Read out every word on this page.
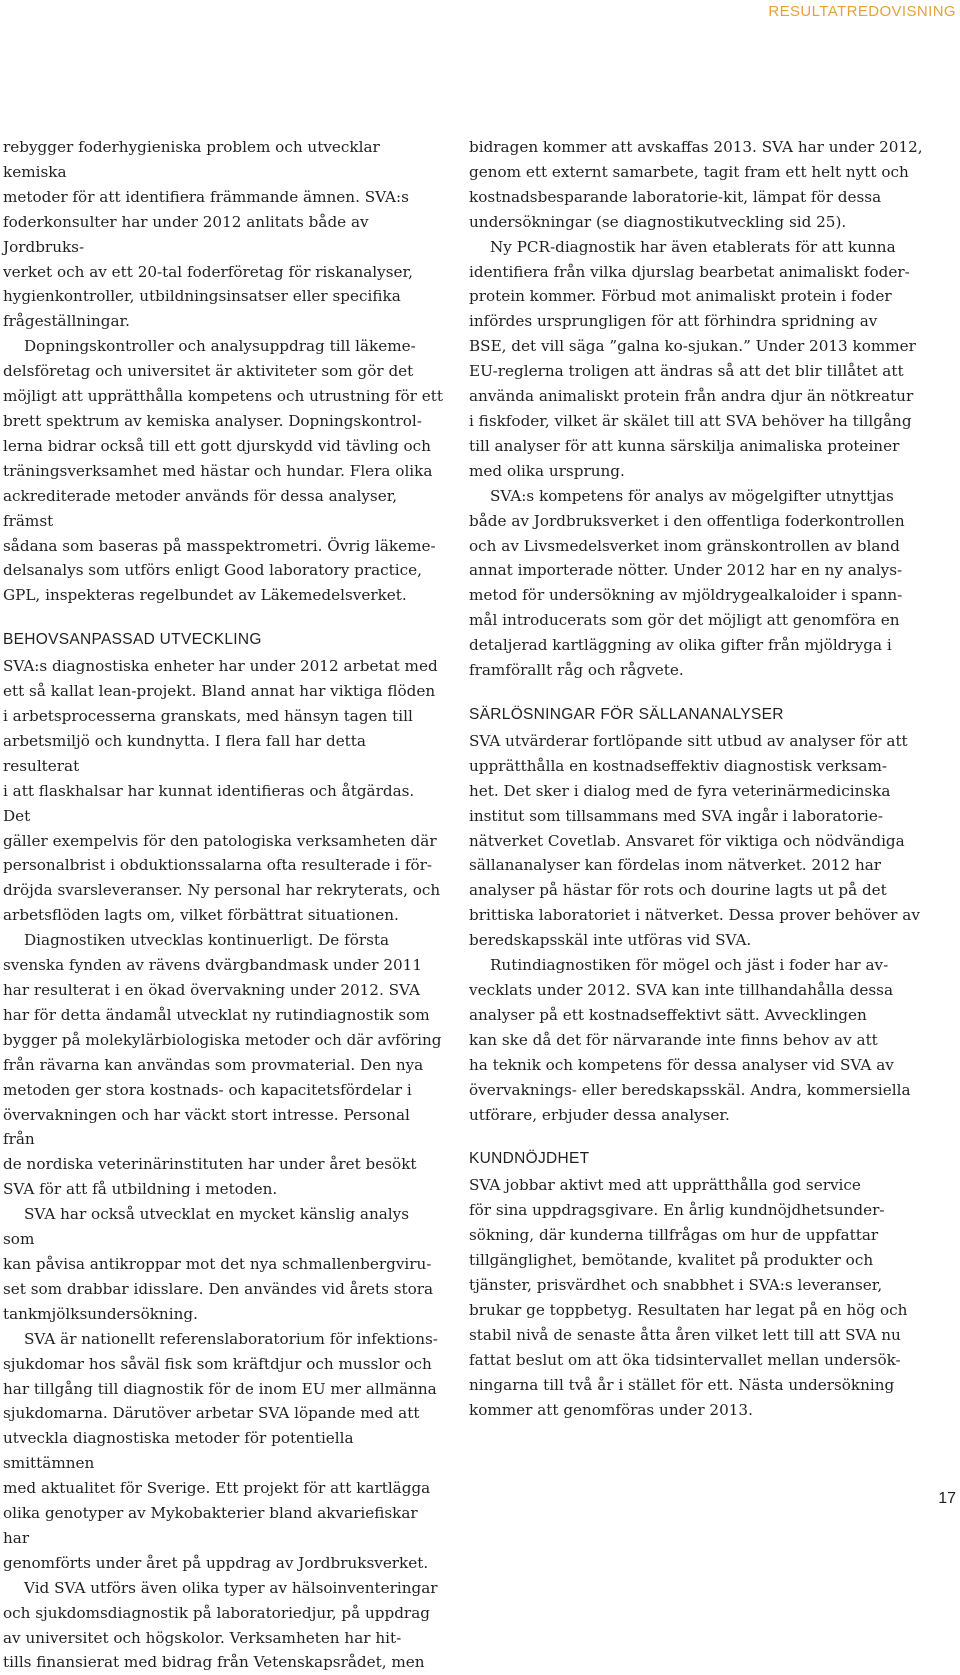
RESULTATREDOVISNING

rebygger foderhygieniska problem och utvecklar kemiska
metoder för att identifiera främmande ämnen. SVA:s
foderkonsulter har under 2012 anlitats både av Jordbruks-
verket och av ett 20-tal foderföretag för riskanalyser,
hygienkontroller, utbildningsinsatser eller specifika
frågeställningar.

Dopningskontroller och analysuppdrag till läkeme-
delsföretag och universitet är aktiviteter som gör det
möjligt att upprätthålla kompetens och utrustning för ett
brett spektrum av kemiska analyser. Dopningskontrol-
lerna bidrar också till ett gott djurskydd vid tävling och
träningsverksamhet med hästar och hundar. Flera olika
ackrediterade metoder används för dessa analyser, främst
sådana som baseras på masspektrometri. Övrig läkeme-
delsanalys som utförs enligt Good laboratory practice,
GPL, inspekteras regelbundet av Läkemedelsverket.

BEHOVSANPASSAD UTVECKLING

SVA:s diagnostiska enheter har under 2012 arbetat med
ett så kallat lean-projekt. Bland annat har viktiga flöden
i arbetsprocesserna granskats, med hänsyn tagen till
arbetsmiljö och kundnytta. I flera fall har detta resulterat
i att flaskhalsar har kunnat identifieras och åtgärdas. Det
gäller exempelvis för den patologiska verksamheten där
personalbrist i obduktionssalarna ofta resulterade i för-
dröjda svarsleveranser. Ny personal har rekryterats, och
arbetsflöden lagts om, vilket förbättrat situationen.

Diagnostiken utvecklas kontinuerligt. De första
svenska fynden av rävens dvärgbandmask under 2011
har resulterat i en ökad övervakning under 2012. SVA
har för detta ändamål utvecklat ny rutindiagnostik som
bygger på molekylärbiologiska metoder och där avföring
från rävarna kan användas som provmaterial. Den nya
metoden ger stora kostnads- och kapacitetsfördelar i
övervakningen och har väckt stort intresse. Personal från
de nordiska veterinärinstituten har under året besökt
SVA för att få utbildning i metoden.

SVA har också utvecklat en mycket känslig analys som
kan påvisa antikroppar mot det nya schmallenbergviru-
set som drabbar idisslare. Den användes vid årets stora
tankmjölksundersökning.

SVA är nationellt referenslaboratorium för infektions-
sjukdomar hos såväl fisk som kräftdjur och musslor och
har tillgång till diagnostik för de inom EU mer allmänna
sjukdomarna. Därutöver arbetar SVA löpande med att
utveckla diagnostiska metoder för potentiella smittämnen
med aktualitet för Sverige. Ett projekt för att kartlägga
olika genotyper av Mykobakterier bland akvariefiskar har
genomförts under året på uppdrag av Jordbruksverket.

Vid SVA utförs även olika typer av hälsoinventeringar
och sjukdomsdiagnostik på laboratoriedjur, på uppdrag
av universitet och högskolor. Verksamheten har hit-
tills finansierat med bidrag från Vetenskapsrådet, men

bidragen kommer att avskaffas 2013. SVA har under 2012,
genom ett externt samarbete, tagit fram ett helt nytt och
kostnadsbesparande laboratorie-kit, lämpat för dessa
undersökningar (se diagnostikutveckling sid 25).

Ny PCR-diagnostik har även etablerats för att kunna
identifiera från vilka djurslag bearbetat animaliskt foder-
protein kommer. Förbud mot animaliskt protein i foder
infördes ursprungligen för att förhindra spridning av
BSE, det vill säga ”galna ko-sjukan.” Under 2013 kommer
EU-reglerna troligen att ändras så att det blir tillåtet att
använda animaliskt protein från andra djur än nötkreatur
i fiskfoder, vilket är skälet till att SVA behöver ha tillgång
till analyser för att kunna särskilja animaliska proteiner
med olika ursprung.

SVA:s kompetens för analys av mögelgifter utnyttjas
både av Jordbruksverket i den offentliga foderkontrollen
och av Livsmedelsverket inom gränskontrollen av bland
annat importerade nötter. Under 2012 har en ny analys-
metod för undersökning av mjöldrygealkaloider i spann-
mål introducerats som gör det möjligt att genomföra en
detaljerad kartläggning av olika gifter från mjöldryga i
framförallt råg och rågvete.

SÄRLÖSNINGAR FÖR SÄLLANANALYSER

SVA utvärderar fortlöpande sitt utbud av analyser för att
upprätthålla en kostnadseffektiv diagnostisk verksam-
het. Det sker i dialog med de fyra veterinärmedicinska
institut som tillsammans med SVA ingår i laboratorie-
nätverket Covetlab. Ansvaret för viktiga och nödvändiga
sällananalyser kan fördelas inom nätverket. 2012 har
analyser på hästar för rots och dourine lagts ut på det
brittiska laboratoriet i nätverket. Dessa prover behöver av
beredskapsskäl inte utföras vid SVA.

Rutindiagnostiken för mögel och jäst i foder har av-
vecklats under 2012. SVA kan inte tillhandahålla dessa
analyser på ett kostnadseffektivt sätt. Avvecklingen
kan ske då det för närvarande inte finns behov av att
ha teknik och kompetens för dessa analyser vid SVA av
övervaknings- eller beredskapsskäl. Andra, kommersiella
utförare, erbjuder dessa analyser.

KUNDNÖJDHET

SVA jobbar aktivt med att upprätthålla god service
för sina uppdragsgivare. En årlig kundnöjdhetsunder-
sökning, där kunderna tillfrågas om hur de uppfattar
tillgänglighet, bemötande, kvalitet på produkter och
tjänster, prisvärdhet och snabbhet i SVA:s leveranser,
brukar ge toppbetyg. Resultaten har legat på en hög och
stabil nivå de senaste åtta åren vilket lett till att SVA nu
fattat beslut om att öka tidsintervallet mellan undersök-
ningarna till två år i stället för ett. Nästa undersökning
kommer att genomföras under 2013.

17
